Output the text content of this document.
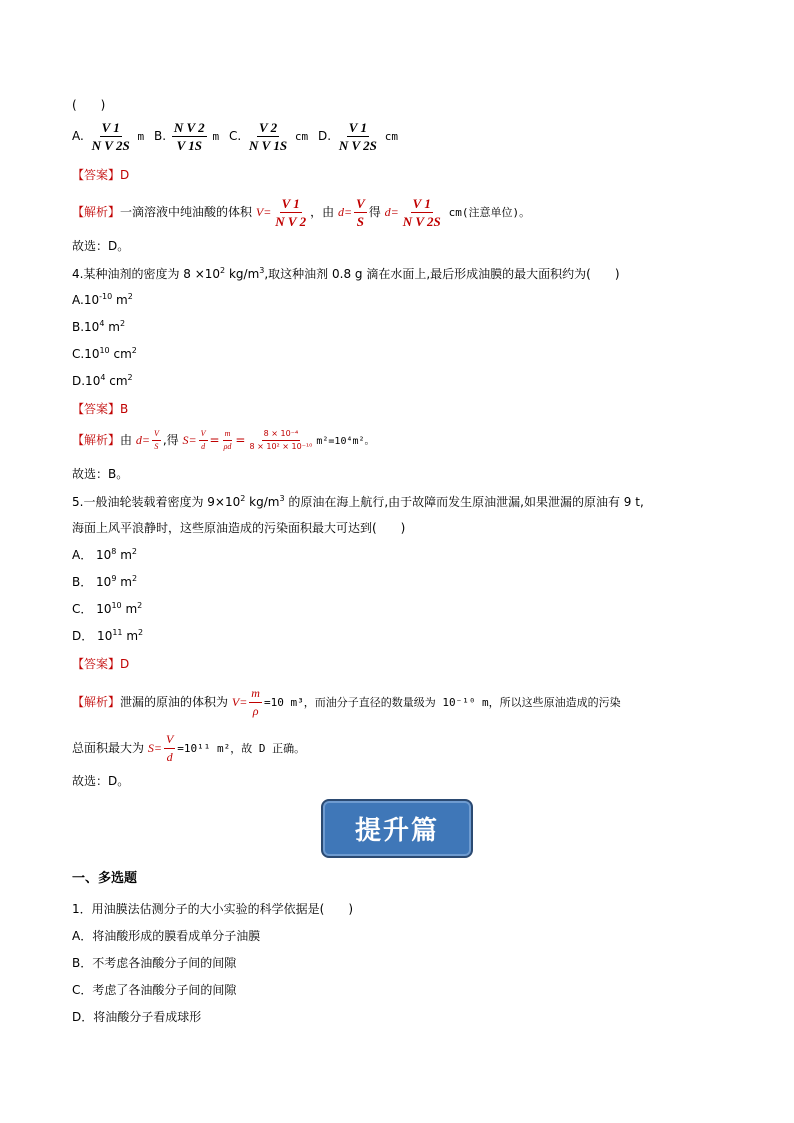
(　　)
A. $\frac{V 1}{\text{N V 2S}}$ m B. $\frac{\text{N V 2}}{V 1S}$ m C. $\frac{V 2}{\text{N V 1S}}$ cm D. $\frac{V 1}{\text{N V 2S}}$ cm
【答案】D
【解析】一滴溶液中纯油酸的体积 $V= \frac{V 1}{\text{N V 2}}$ ，由 $d= \frac{V}{S}$ 得 $d= \frac{V 1}{\text{N V 2S}} cm$(注意单位)。
故选：D。
4.某种油剂的密度为 $8 \times 10^2$ $kg/m^3$,取这种油剂 0.8 g 滴在水面上,最后形成油膜的最大面积约为(　　)
$A.10^{-10}$ $m^2$
$B.10^4$ $m^2$
$C.10^{10}$ $cm^2$
$D.10^4$ $cm^2$
【答案】B
【解析】由 $d= \frac{V}{S}$ ,得 $S= \frac{V}{d} = \frac{m}{\rho d} = \frac{\text{8 × 10⁻⁴}}{\text{8 × 10² × 10⁻¹⁰}} m^2=10^4m^2$。
故选：B。
5.一般油轮装载着密度为 $9\times 10^2$ $kg/m^3$ 的原油在海上航行,由于故障而发生原油泄漏,如果泄漏的原油有 9 t,
海面上风平浪静时，这些原油造成的污染面积最大可达到(　　)
A． $10^8$ $m^2$
B． $10^9$ $m^2$
C． $10^{10}$ $m^2$
D． $10^{11}$ $m^2$
【答案】D
【解析】泄漏的原油的体积为 $V= \frac{m}{\rho} =10$ m³，而油分子直径的数量级为 10⁻¹⁰ m，所以这些原油造成的污染
总面积最大为 $S= \frac{V}{d} =10^{11}$ m²，故 D 正确。
故选：D。
提升篇
一、多选题
1．用油膜法估测分子的大小实验的科学依据是(　　)
A．将油酸形成的膜看成单分子油膜
B．不考虑各油酸分子间的间隙
C．考虑了各油酸分子间的间隙
D．将油酸分子看成球形
